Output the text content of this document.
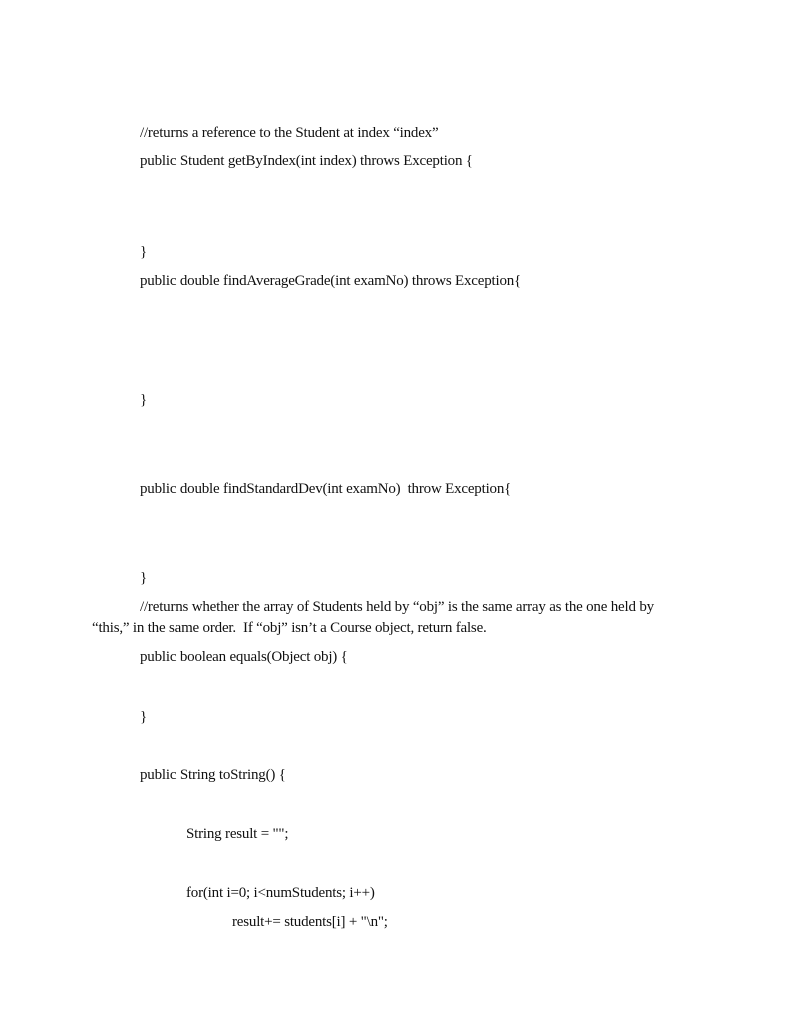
//returns a reference to the Student at index “index”
public Student getByIndex(int index) throws Exception {
}
public double findAverageGrade(int examNo) throws Exception{
}
public double findStandardDev(int examNo)  throw Exception{
}
//returns whether the array of Students held by “obj” is the same array as the one held by
“this,” in the same order.  If “obj” isn’t a Course object, return false.
public boolean equals(Object obj) {
}
public String toString() {
String result = "";
for(int i=0; i<numStudents; i++)
result+= students[i] + "\n";
